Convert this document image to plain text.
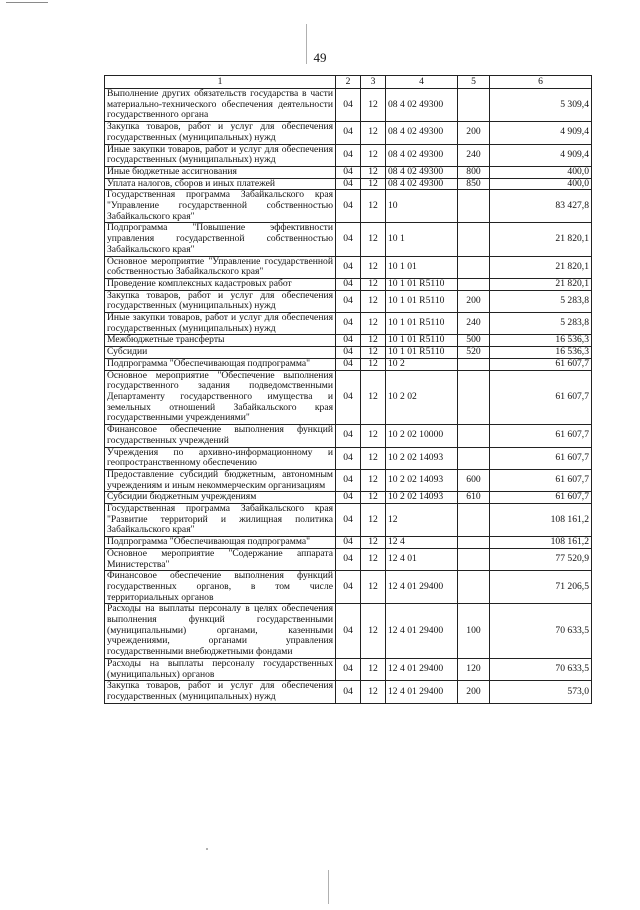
49
1	2	3	4	5	6
Выполнение других обязательств государства в части материально-технического обеспечения деятельности государственного органа	04	12	08 4 02 49300		5 309,4
Закупка товаров, работ и услуг для обеспечения государственных (муниципальных) нужд	04	12	08 4 02 49300	200	4 909,4
Иные закупки товаров, работ и услуг для обеспечения государственных (муниципальных) нужд	04	12	08 4 02 49300	240	4 909,4
Иные бюджетные ассигнования	04	12	08 4 02 49300	800	400,0
Уплата налогов, сборов и иных платежей	04	12	08 4 02 49300	850	400,0
Государственная программа Забайкальского края "Управление государственной собственностью Забайкальского края"	04	12	10		83 427,8
Подпрограмма "Повышение эффективности управления государственной собственностью Забайкальского края"	04	12	10 1		21 820,1
Основное мероприятие "Управление государственной собственностью Забайкальского края"	04	12	10 1 01		21 820,1
Проведение комплексных кадастровых работ	04	12	10 1 01 R5110		21 820,1
Закупка товаров, работ и услуг для обеспечения государственных (муниципальных) нужд	04	12	10 1 01 R5110	200	5 283,8
Иные закупки товаров, работ и услуг для обеспечения государственных (муниципальных) нужд	04	12	10 1 01 R5110	240	5 283,8
Межбюджетные трансферты	04	12	10 1 01 R5110	500	16 536,3
Субсидии	04	12	10 1 01 R5110	520	16 536,3
Подпрограмма "Обеспечивающая подпрограмма"	04	12	10 2		61 607,7
Основное мероприятие "Обеспечение выполнения государственного задания подведомственными Департаменту государственного имущества и земельных отношений Забайкальского края государственными учреждениями"	04	12	10 2 02		61 607,7
Финансовое обеспечение выполнения функций государственных учреждений	04	12	10 2 02 10000		61 607,7
Учреждения по архивно-информационному и геопространственному обеспечению	04	12	10 2 02 14093		61 607,7
Предоставление субсидий бюджетным, автономным учреждениям и иным некоммерческим организациям	04	12	10 2 02 14093	600	61 607,7
Субсидии бюджетным учреждениям	04	12	10 2 02 14093	610	61 607,7
Государственная программа Забайкальского края "Развитие территорий и жилищная политика Забайкальского края"	04	12	12		108 161,2
Подпрограмма "Обеспечивающая подпрограмма"	04	12	12 4		108 161,2
Основное мероприятие "Содержание аппарата Министерства"	04	12	12 4 01		77 520,9
Финансовое обеспечение выполнения функций государственных органов, в том числе территориальных органов	04	12	12 4 01 29400		71 206,5
Расходы на выплаты персоналу в целях обеспечения выполнения функций государственными (муниципальными) органами, казенными учреждениями, органами управления государственными внебюджетными фондами	04	12	12 4 01 29400	100	70 633,5
Расходы на выплаты персоналу государственных (муниципальных) органов	04	12	12 4 01 29400	120	70 633,5
Закупка товаров, работ и услуг для обеспечения государственных (муниципальных) нужд	04	12	12 4 01 29400	200	573,0
